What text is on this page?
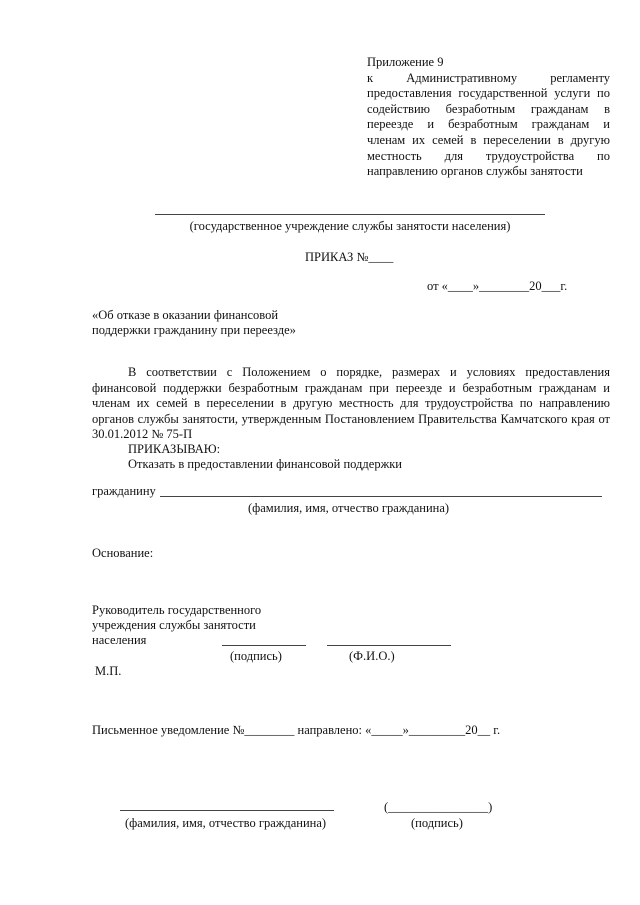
Приложение 9
к Административному регламенту
предоставления государственной услуги по
содействию безработным гражданам в
переезде и безработным гражданам и
членам их семей в переселении в другую
местность для трудоустройства по
направлению органов службы занятости
(государственное учреждение службы занятости населения)
ПРИКАЗ №____
от «____»________20___г.
«Об отказе в оказании финансовой
поддержки гражданину при переезде»
В соответствии с Положением о порядке, размерах и условиях предоставления финансовой поддержки безработным гражданам при переезде и безработным гражданам и членам их семей в переселении в другую местность для трудоустройства по направлению органов службы занятости, утвержденным Постановлением Правительства Камчатского края от 30.01.2012 № 75-П
ПРИКАЗЫВАЮ:
Отказать в предоставлении финансовой поддержки
гражданину
(фамилия, имя, отчество гражданина)
Основание:
Руководитель государственного
учреждения службы занятости
населения
(подпись)	(Ф.И.О.)
М.П.
Письменное уведомление №________ направлено: «_____»_________20__ г.
(________________)
(фамилия, имя, отчество гражданина)	(подпись)
